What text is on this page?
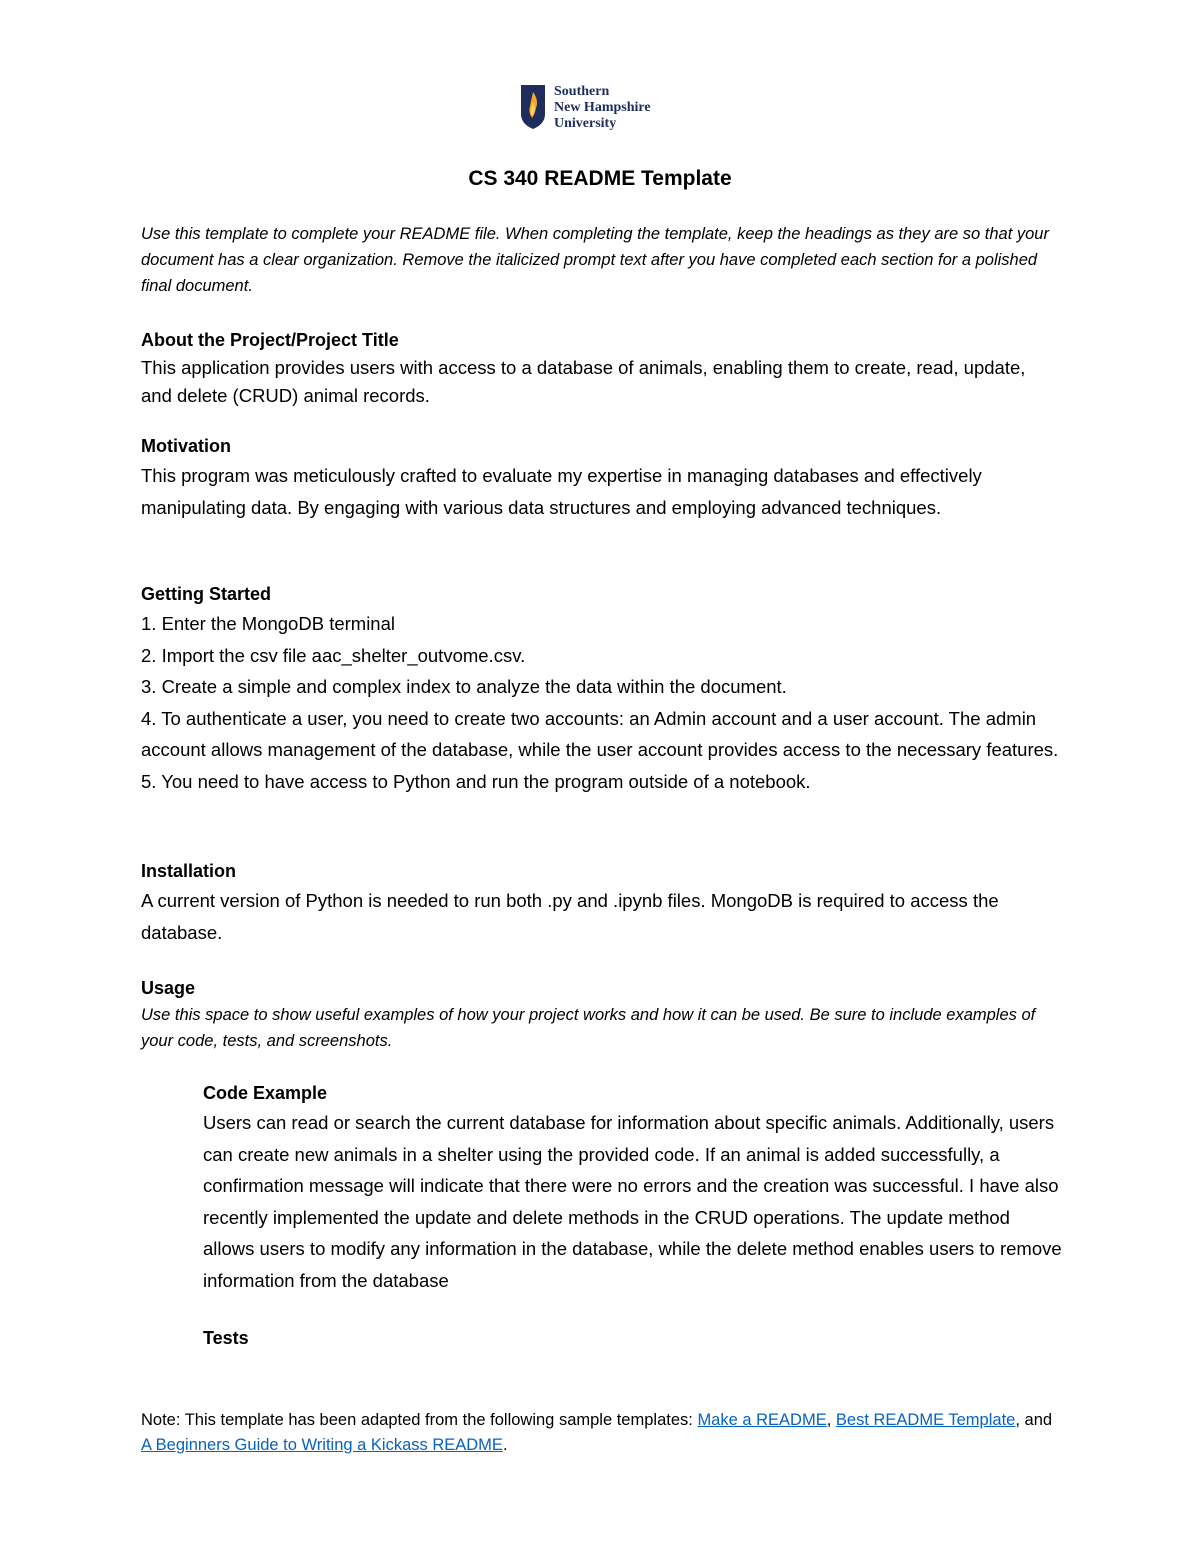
Southern
New Hampshire
University
CS 340 README Template
Use this template to complete your README file. When completing the template, keep the headings as they are so that your document has a clear organization. Remove the italicized prompt text after you have completed each section for a polished final document.

About the Project/Project Title

This application provides users with access to a database of animals, enabling them to create, read, update, and delete (CRUD) animal records.

Motivation

This program was meticulously crafted to evaluate my expertise in managing databases and effectively manipulating data. By engaging with various data structures and employing advanced techniques.

Getting Started

1. Enter the MongoDB terminal

2. Import the csv file aac_shelter_outvome.csv.

3. Create a simple and complex index to analyze the data within the document.

4. To authenticate a user, you need to create two accounts: an Admin account and a user account. The admin account allows management of the database, while the user account provides access to the necessary features.

5. You need to have access to Python and run the program outside of a notebook.

Installation

A current version of Python is needed to run both .py and .ipynb files. MongoDB is required to access the database.

Usage

Use this space to show useful examples of how your project works and how it can be used. Be sure to include examples of your code, tests, and screenshots.

Code Example

Users can read or search the current database for information about specific animals. Additionally, users can create new animals in a shelter using the provided code. If an animal is added successfully, a confirmation message will indicate that there were no errors and the creation was successful. I have also recently implemented the update and delete methods in the CRUD operations. The update method allows users to modify any information in the database, while the delete method enables users to remove information from the database

Tests

Note: This template has been adapted from the following sample templates: Make a README, Best README Template, and A Beginners Guide to Writing a Kickass README.
